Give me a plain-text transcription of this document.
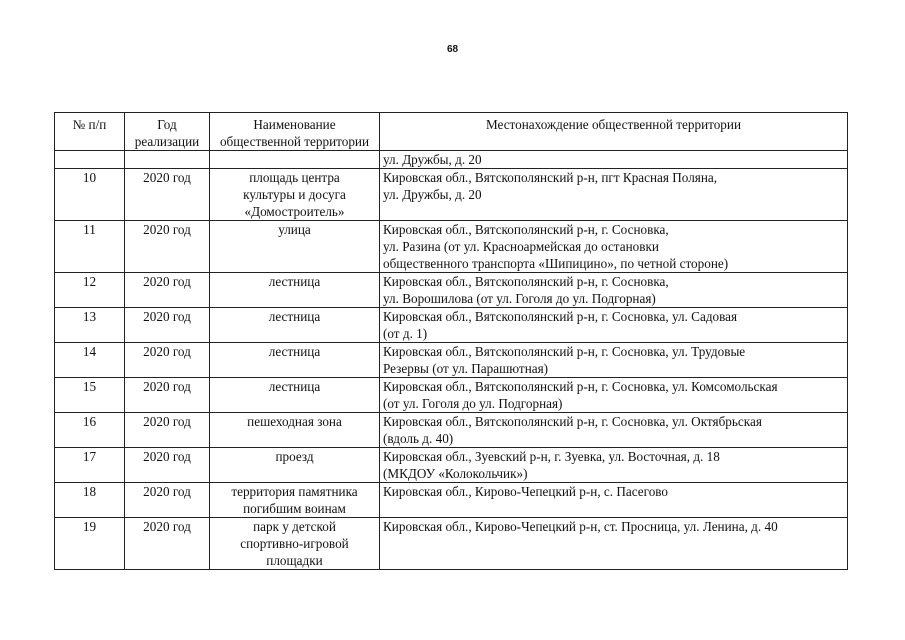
68
№ п/п	Год реализации	Наименование общественной территории	Местонахождение общественной территории

			ул. Дружбы, д. 20

10	2020 год	площадь центра
культуры и досуга
«Домостроитель»	Кировская обл., Вятскополянский р-н, пгт Красная Поляна,
ул. Дружбы, д. 20

11	2020 год	улица	Кировская обл., Вятскополянский р-н, г. Сосновка,
ул. Разина (от ул. Красноармейская до остановки
общественного транспорта «Шипицино», по четной стороне)

12	2020 год	лестница	Кировская обл., Вятскополянский р-н, г. Сосновка,
ул. Ворошилова (от ул. Гоголя до ул. Подгорная)

13	2020 год	лестница	Кировская обл., Вятскополянский р-н, г. Сосновка, ул. Садовая
(от д. 1)

14	2020 год	лестница	Кировская обл., Вятскополянский р-н, г. Сосновка, ул. Трудовые
Резервы (от ул. Парашютная)

15	2020 год	лестница	Кировская обл., Вятскополянский р-н, г. Сосновка, ул. Комсомольская
(от ул. Гоголя до ул. Подгорная)

16	2020 год	пешеходная зона	Кировская обл., Вятскополянский р-н, г. Сосновка, ул. Октябрьская
(вдоль д. 40)

17	2020 год	проезд	Кировская обл., Зуевский р-н, г. Зуевка, ул. Восточная, д. 18
(МКДОУ «Колокольчик»)

18	2020 год	территория памятника
погибшим воинам	Кировская обл., Кирово-Чепецкий р-н, с. Пасегово

19	2020 год	парк у детской
спортивно-игровой
площадки	Кировская обл., Кирово-Чепецкий р-н, ст. Просница, ул. Ленина, д. 40
